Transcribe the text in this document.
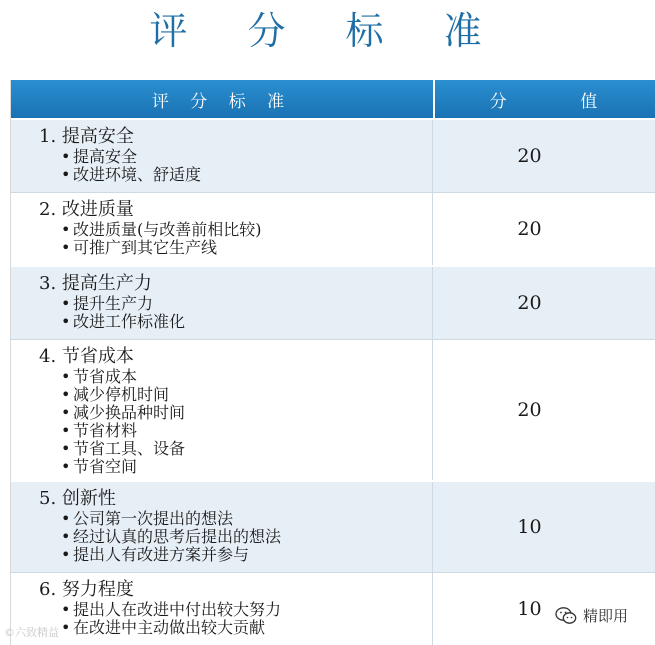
评 分 标 准
评 分 标 准	分 值
1. 提高安全
• 提高安全
• 改进环境、舒适度
20
2. 改进质量
• 改进质量(与改善前相比较)
• 可推广到其它生产线
20
3. 提高生产力
• 提升生产力
• 改进工作标准化
20
4. 节省成本
• 节省成本
• 减少停机时间
• 减少换品种时间
• 节省材料
• 节省工具、设备
• 节省空间
20
5. 创新性
• 公司第一次提出的想法
• 经过认真的思考后提出的想法
• 提出人有改进方案并参与
10
6. 努力程度
• 提出人在改进中付出较大努力
• 在改进中主动做出较大贡献
10
©六致精益
精即用
